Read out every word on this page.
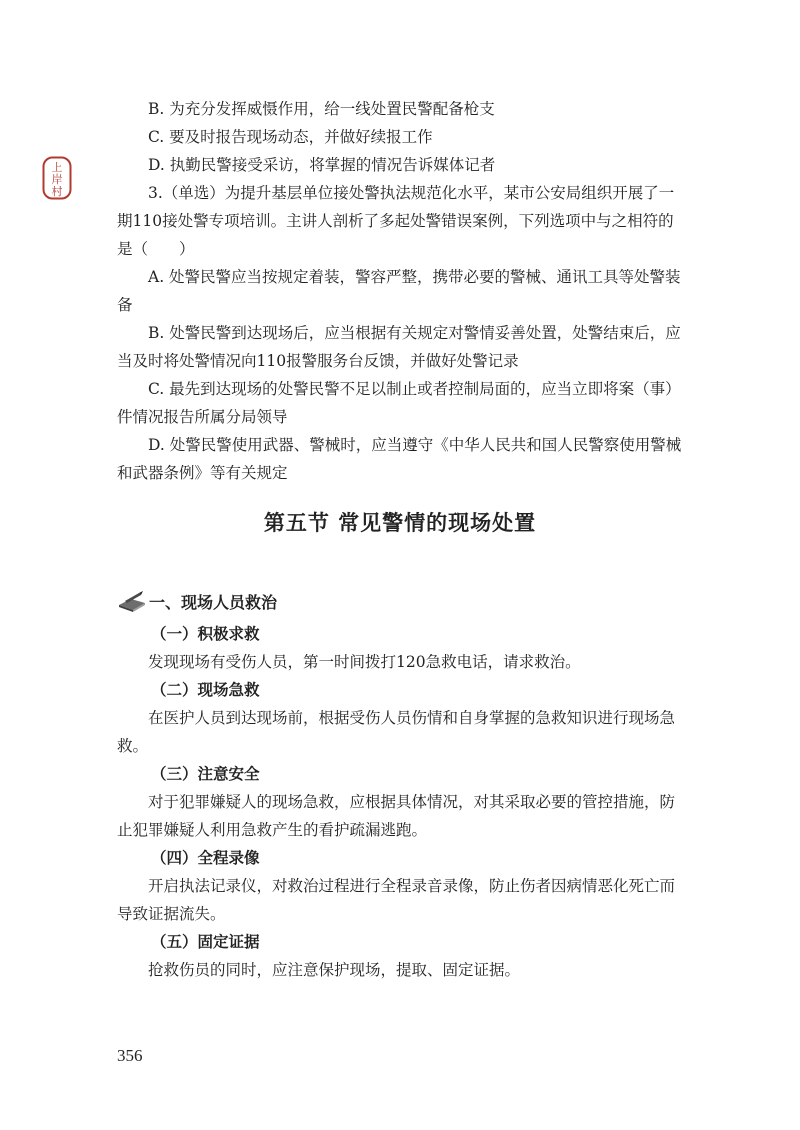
上
岸
村

B. 为充分发挥威慑作用，给一线处置民警配备枪支

C. 要及时报告现场动态，并做好续报工作

D. 执勤民警接受采访，将掌握的情况告诉媒体记者

3.（单选）为提升基层单位接处警执法规范化水平，某市公安局组织开展了一期110接处警专项培训。主讲人剖析了多起处警错误案例，下列选项中与之相符的是（　　）

A. 处警民警应当按规定着装，警容严整，携带必要的警械、通讯工具等处警装备

B. 处警民警到达现场后，应当根据有关规定对警情妥善处置，处警结束后，应当及时将处警情况向110报警服务台反馈，并做好处警记录

C. 最先到达现场的处警民警不足以制止或者控制局面的，应当立即将案（事）件情况报告所属分局领导

D. 处警民警使用武器、警械时，应当遵守《中华人民共和国人民警察使用警械和武器条例》等有关规定

第五节 常见警情的现场处置
一、现场人员救治

（一）积极求救

发现现场有受伤人员，第一时间拨打120急救电话，请求救治。

（二）现场急救

在医护人员到达现场前，根据受伤人员伤情和自身掌握的急救知识进行现场急救。

（三）注意安全

对于犯罪嫌疑人的现场急救，应根据具体情况，对其采取必要的管控措施，防止犯罪嫌疑人利用急救产生的看护疏漏逃跑。

（四）全程录像

开启执法记录仪，对救治过程进行全程录音录像，防止伤者因病情恶化死亡而导致证据流失。

（五）固定证据

抢救伤员的同时，应注意保护现场，提取、固定证据。

356
